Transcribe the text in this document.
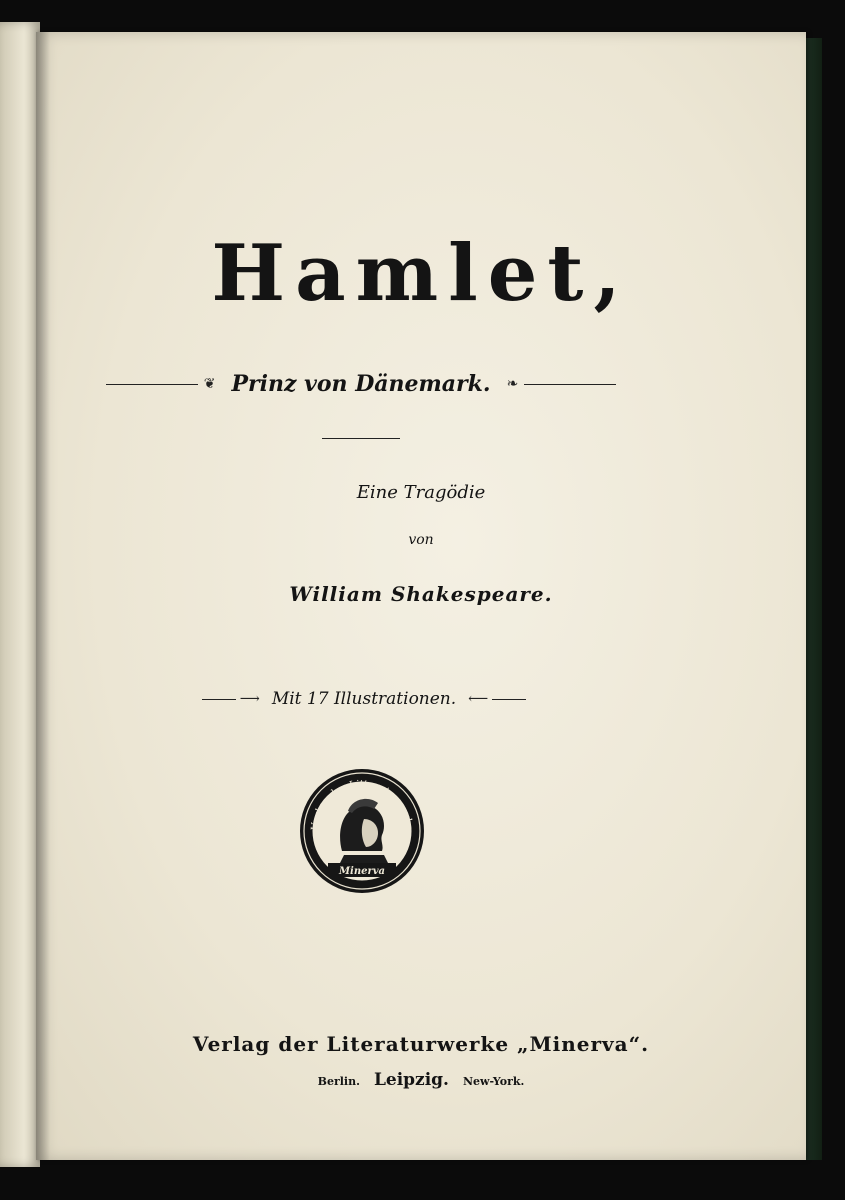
Hamlet,
❦ Prinz von Dänemark. ❧
Eine Tragödie
von
William Shakespeare.
⟶ Mit 17 Illustrationen. ⟵
Verlag der Litteraturwerke
Minerva
Verlag der Literaturwerke „Minerva“.
Berlin. Leipzig. New-York.
